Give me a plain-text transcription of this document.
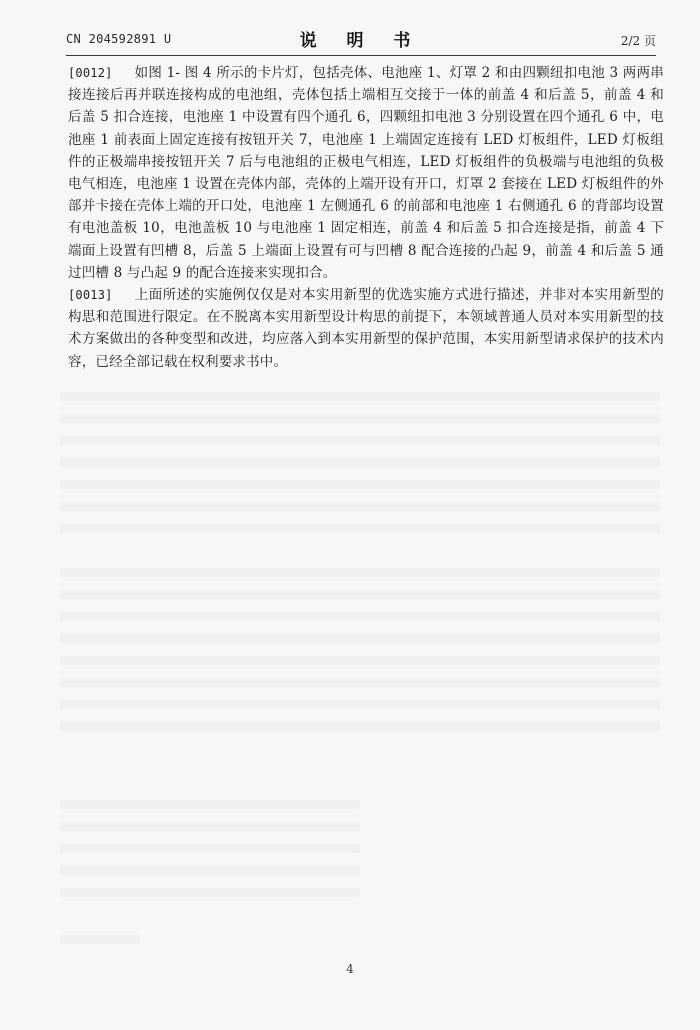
CN 204592891 U	说 明 书	2/2 页

[0012] 如图 1- 图 4 所示的卡片灯，包括壳体、电池座 1、灯罩 2 和由四颗纽扣电池 3 两两串接连接后再并联连接构成的电池组，壳体包括上端相互交接于一体的前盖 4 和后盖 5，前盖 4 和后盖 5 扣合连接，电池座 1 中设置有四个通孔 6，四颗纽扣电池 3 分别设置在四个通孔 6 中，电池座 1 前表面上固定连接有按钮开关 7，电池座 1 上端固定连接有 LED 灯板组件，LED 灯板组件的正极端串接按钮开关 7 后与电池组的正极电气相连，LED 灯板组件的负极端与电池组的负极电气相连，电池座 1 设置在壳体内部，壳体的上端开设有开口，灯罩 2 套接在 LED 灯板组件的外部并卡接在壳体上端的开口处，电池座 1 左侧通孔 6 的前部和电池座 1 右侧通孔 6 的背部均设置有电池盖板 10，电池盖板 10 与电池座 1 固定相连，前盖 4 和后盖 5 扣合连接是指，前盖 4 下端面上设置有凹槽 8，后盖 5 上端面上设置有可与凹槽 8 配合连接的凸起 9，前盖 4 和后盖 5 通过凹槽 8 与凸起 9 的配合连接来实现扣合。

[0013] 上面所述的实施例仅仅是对本实用新型的优选实施方式进行描述，并非对本实用新型的构思和范围进行限定。在不脱离本实用新型设计构思的前提下，本领域普通人员对本实用新型的技术方案做出的各种变型和改进，均应落入到本实用新型的保护范围，本实用新型请求保护的技术内容，已经全部记载在权利要求书中。

4
